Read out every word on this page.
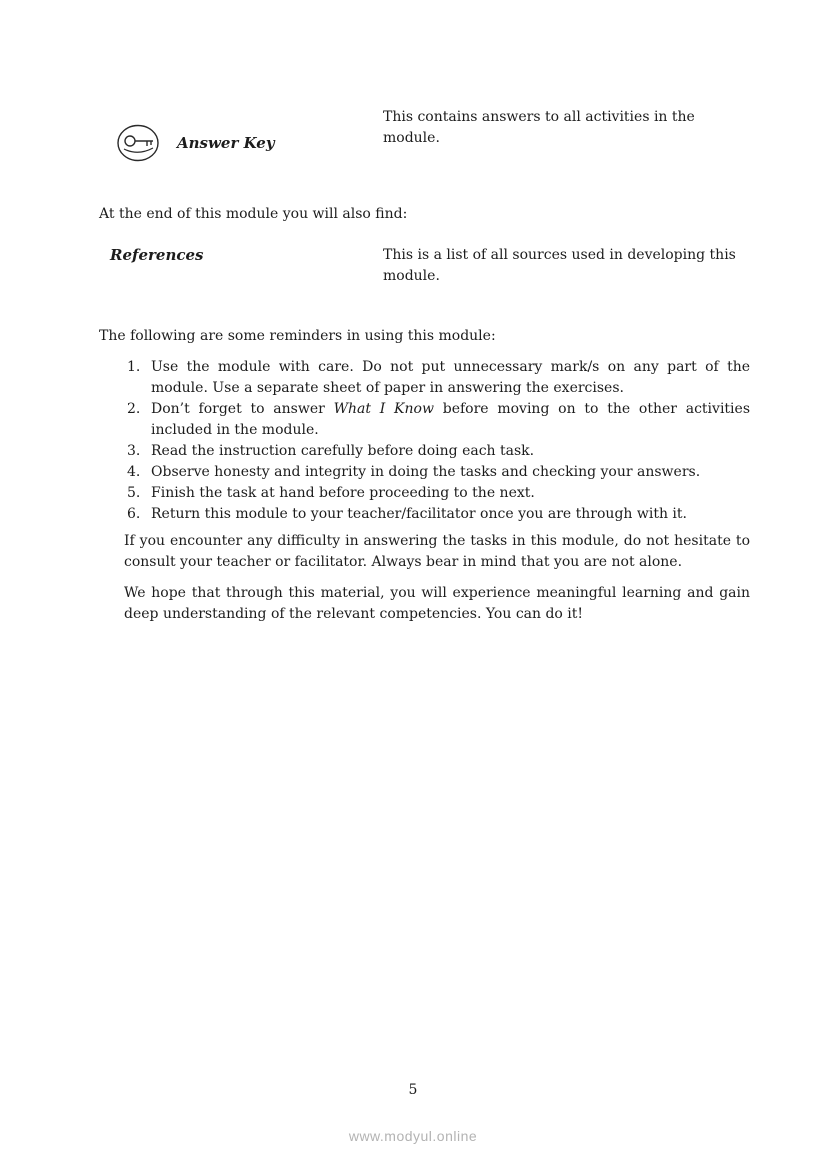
Answer Key
This contains answers to all activities in the module.
At the end of this module you will also find:
References	This is a list of all sources used in developing this module.
The following are some reminders in using this module:
1. Use the module with care. Do not put unnecessary mark/s on any part of the module. Use a separate sheet of paper in answering the exercises.
2. Don’t forget to answer What I Know before moving on to the other activities included in the module.
3. Read the instruction carefully before doing each task.
4. Observe honesty and integrity in doing the tasks and checking your answers.
5. Finish the task at hand before proceeding to the next.
6. Return this module to your teacher/facilitator once you are through with it.
If you encounter any difficulty in answering the tasks in this module, do not hesitate to consult your teacher or facilitator. Always bear in mind that you are not alone.
We hope that through this material, you will experience meaningful learning and gain deep understanding of the relevant competencies. You can do it!
5
www.modyul.online
